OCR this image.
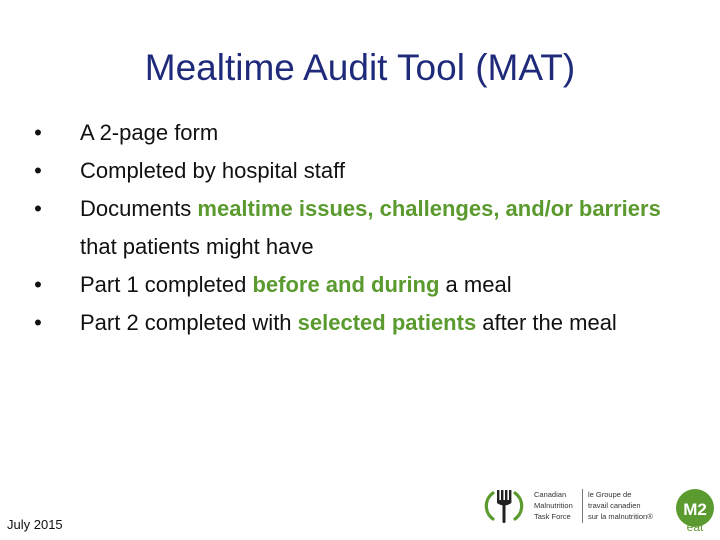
Mealtime Audit Tool (MAT)
• A 2-page form
• Completed by hospital staff
• Documents mealtime issues, challenges, and/or barriers that patients might have
• Part 1 completed before and during a meal
• Part 2 completed with selected patients after the meal
July 2015
Canadian
Malnutrition
Task Force
le Groupe de
travail canadien
sur la malnutrition®	M2
eat
